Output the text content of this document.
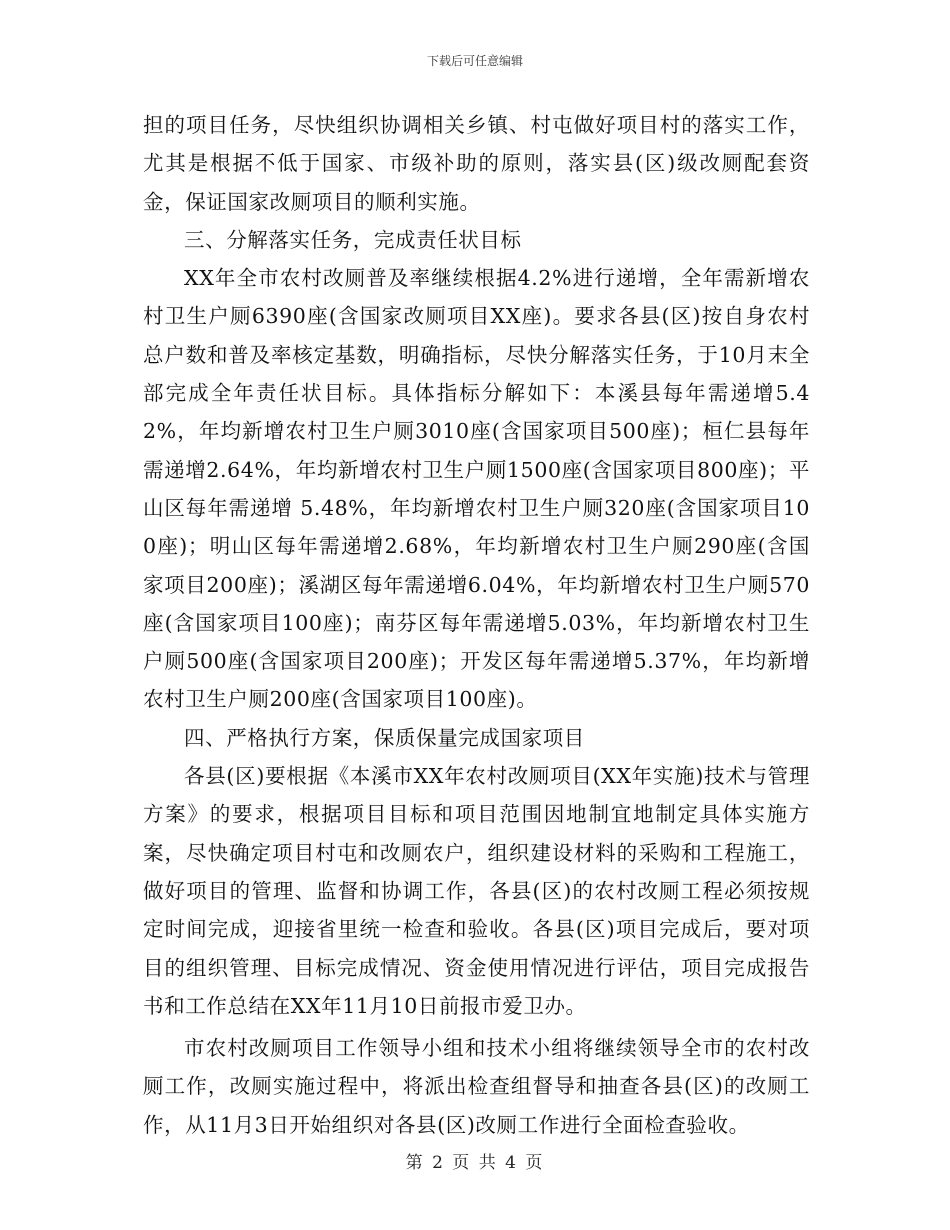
下载后可任意编辑

担的项目任务，尽快组织协调相关乡镇、村屯做好项目村的落实工作，尤其是根据不低于国家、市级补助的原则，落实县(区)级改厕配套资金，保证国家改厕项目的顺利实施。

三、分解落实任务，完成责任状目标

XX年全市农村改厕普及率继续根据4.2%进行递增，全年需新增农村卫生户厕6390座(含国家改厕项目XX座)。要求各县(区)按自身农村总户数和普及率核定基数，明确指标，尽快分解落实任务，于10月末全部完成全年责任状目标。具体指标分解如下：本溪县每年需递增5.42%，年均新增农村卫生户厕3010座(含国家项目500座)；桓仁县每年需递增2.64%，年均新增农村卫生户厕1500座(含国家项目800座)；平山区每年需递增 5.48%，年均新增农村卫生户厕320座(含国家项目100座)；明山区每年需递增2.68%，年均新增农村卫生户厕290座(含国家项目200座)；溪湖区每年需递增6.04%，年均新增农村卫生户厕570座(含国家项目100座)；南芬区每年需递增5.03%，年均新增农村卫生户厕500座(含国家项目200座)；开发区每年需递增5.37%，年均新增农村卫生户厕200座(含国家项目100座)。

四、严格执行方案，保质保量完成国家项目

各县(区)要根据《本溪市XX年农村改厕项目(XX年实施)技术与管理方案》的要求，根据项目目标和项目范围因地制宜地制定具体实施方案，尽快确定项目村屯和改厕农户，组织建设材料的采购和工程施工，做好项目的管理、监督和协调工作，各县(区)的农村改厕工程必须按规定时间完成，迎接省里统一检查和验收。各县(区)项目完成后，要对项目的组织管理、目标完成情况、资金使用情况进行评估，项目完成报告书和工作总结在XX年11月10日前报市爱卫办。

市农村改厕项目工作领导小组和技术小组将继续领导全市的农村改厕工作，改厕实施过程中，将派出检查组督导和抽查各县(区)的改厕工作，从11月3日开始组织对各县(区)改厕工作进行全面检查验收。

第 2 页 共 4 页
